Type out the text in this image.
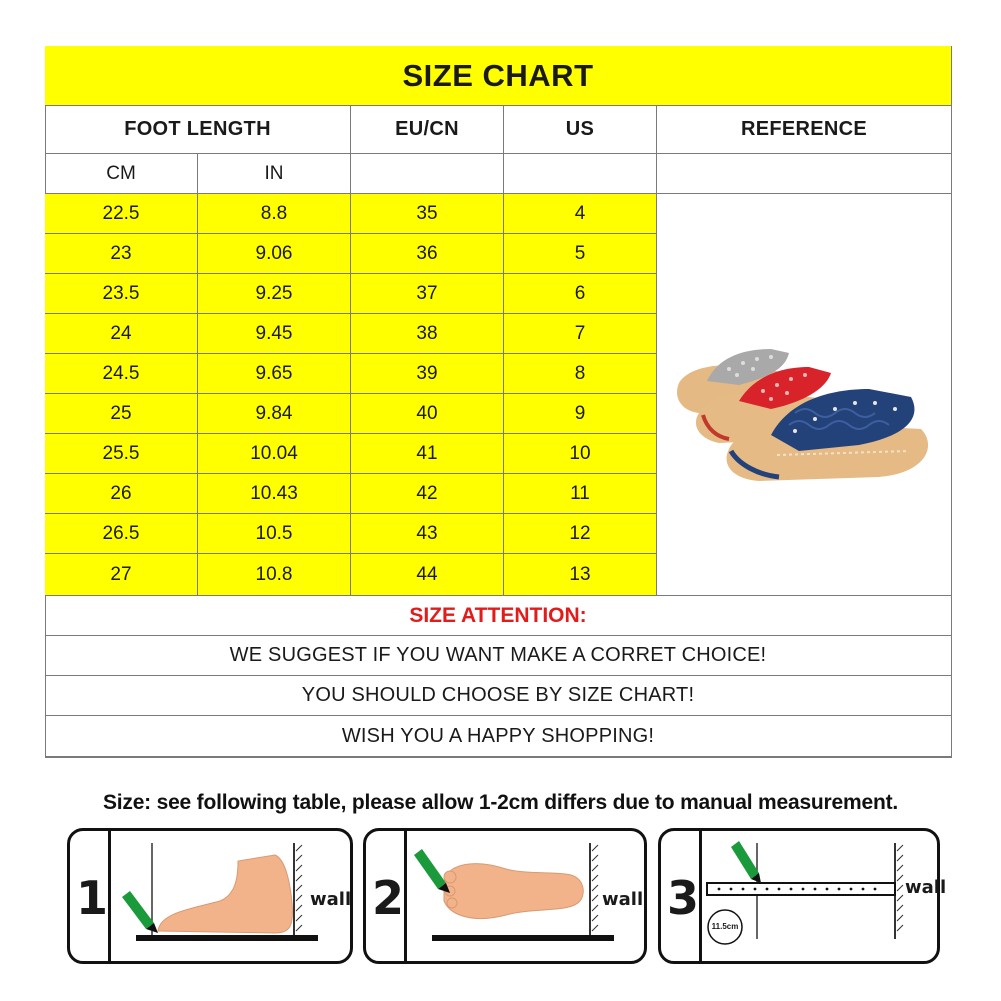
SIZE CHART
FOOT LENGTH	EU/CN	US	REFERENCE
CM	IN
22.5	8.8	35	4
23	9.06	36	5
23.5	9.25	37	6
24	9.45	38	7
24.5	9.65	39	8
25	9.84	40	9
25.5	10.04	41	10
26	10.43	42	11
26.5	10.5	43	12
27	10.8	44	13
SIZE ATTENTION:
WE SUGGEST IF YOU WANT MAKE A CORRET CHOICE!
YOU SHOULD CHOOSE BY SIZE CHART!
WISH YOU A HAPPY SHOPPING!
Size: see following table, please allow 1-2cm differs due to manual measurement.
1	wall 2	wall 3
11.5cm
wall
